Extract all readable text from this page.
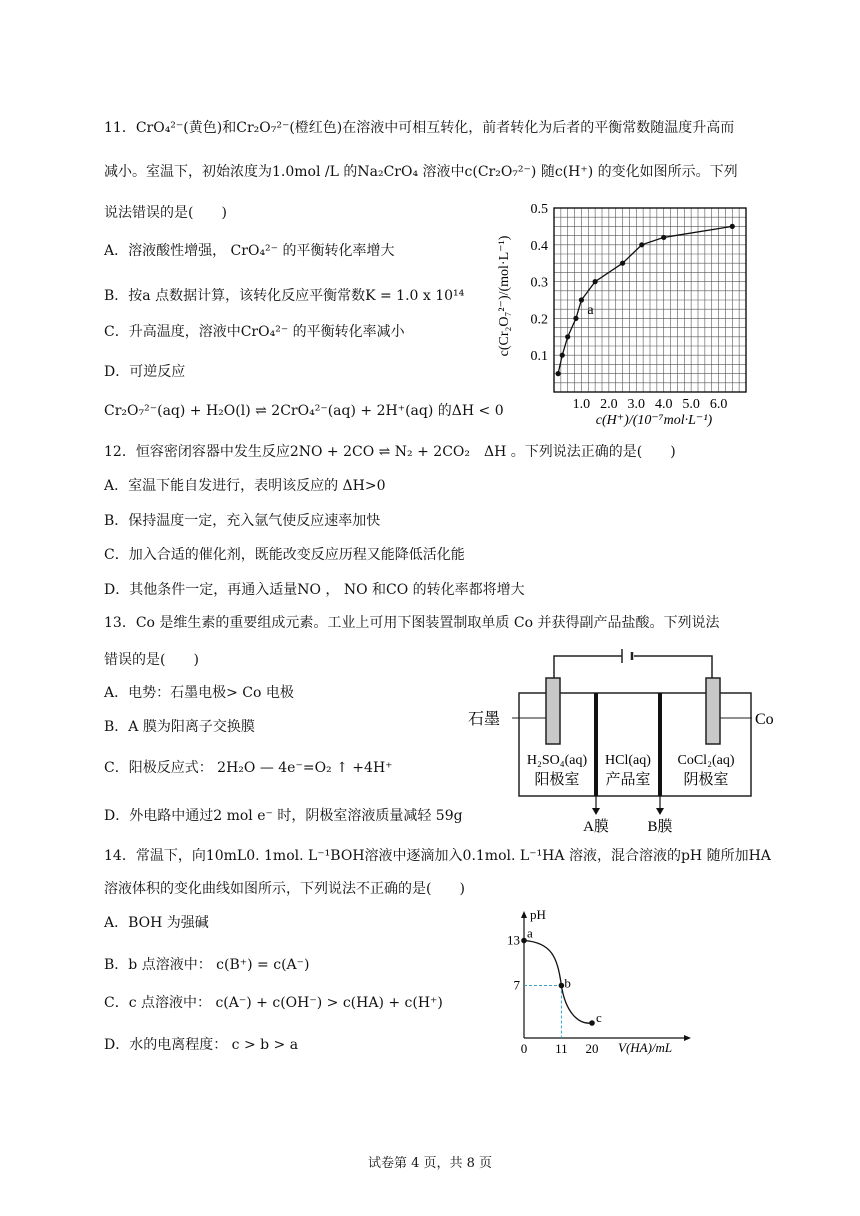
11．CrO₄²⁻(黄色)和Cr₂O₇²⁻(橙红色)在溶液中可相互转化，前者转化为后者的平衡常数随温度升高而
减小。室温下，初始浓度为1.0mol /L 的Na₂CrO₄ 溶液中c(Cr₂O₇²⁻) 随c(H⁺) 的变化如图所示。下列
说法错误的是(　　)
A．溶液酸性增强， CrO₄²⁻ 的平衡转化率增大
B．按a 点数据计算，该转化反应平衡常数K = 1.0 x 10¹⁴
C．升高温度，溶液中CrO₄²⁻ 的平衡转化率减小
D．可逆反应
Cr₂O₇²⁻(aq) + H₂O(l) ⇌ 2CrO₄²⁻(aq) + 2H⁺(aq) 的ΔH < 0	1.0 2.0 3.0 4.0 5.0 6.0
0.1
0.2
0.3
0.4
0.5
a
c(H⁺)/(10⁻⁷mol·L⁻¹)
c(Cr₂O₇²⁻)/(mol·L⁻¹)
12．恒容密闭容器中发生反应2NO + 2CO ⇌ N₂ + 2CO₂　ΔH 。下列说法正确的是(　　)
A．室温下能自发进行，表明该反应的 ΔH>0
B．保持温度一定，充入氩气使反应速率加快
C．加入合适的催化剂，既能改变反应历程又能降低活化能
D．其他条件一定，再通入适量NO ， NO 和CO 的转化率都将增大
13．Co 是维生素的重要组成元素。工业上可用下图装置制取单质 Co 并获得副产品盐酸。下列说法
错误的是(　　)
A．电势：石墨电极> Co 电极
B．A 膜为阳离子交换膜
C．阳极反应式： 2H₂O — 4e⁻=O₂ ↑ +4H⁺
D．外电路中通过2 mol e⁻ 时，阴极室溶液质量减轻 59g
石墨	Co
A膜	B膜
H₂SO₄(aq)
阳极室
HCl(aq)
产品室
CoCl₂(aq)
阴极室
14．常温下，向10mL0. 1mol. L⁻¹BOH溶液中逐滴加入0.1mol. L⁻¹HA 溶液，混合溶液的pH 随所加HA
溶液体积的变化曲线如图所示，下列说法不正确的是(　　)
A．BOH 为强碱
B．b 点溶液中： c(B⁺) = c(A⁻)
C．c 点溶液中： c(A⁻) + c(OH⁻) > c(HA) + c(H⁺)
D．水的电离程度： c > b > a
a
b
c
13
7
0 11 20
pH
V(HA)/mL
试卷第 4 页，共 8 页
